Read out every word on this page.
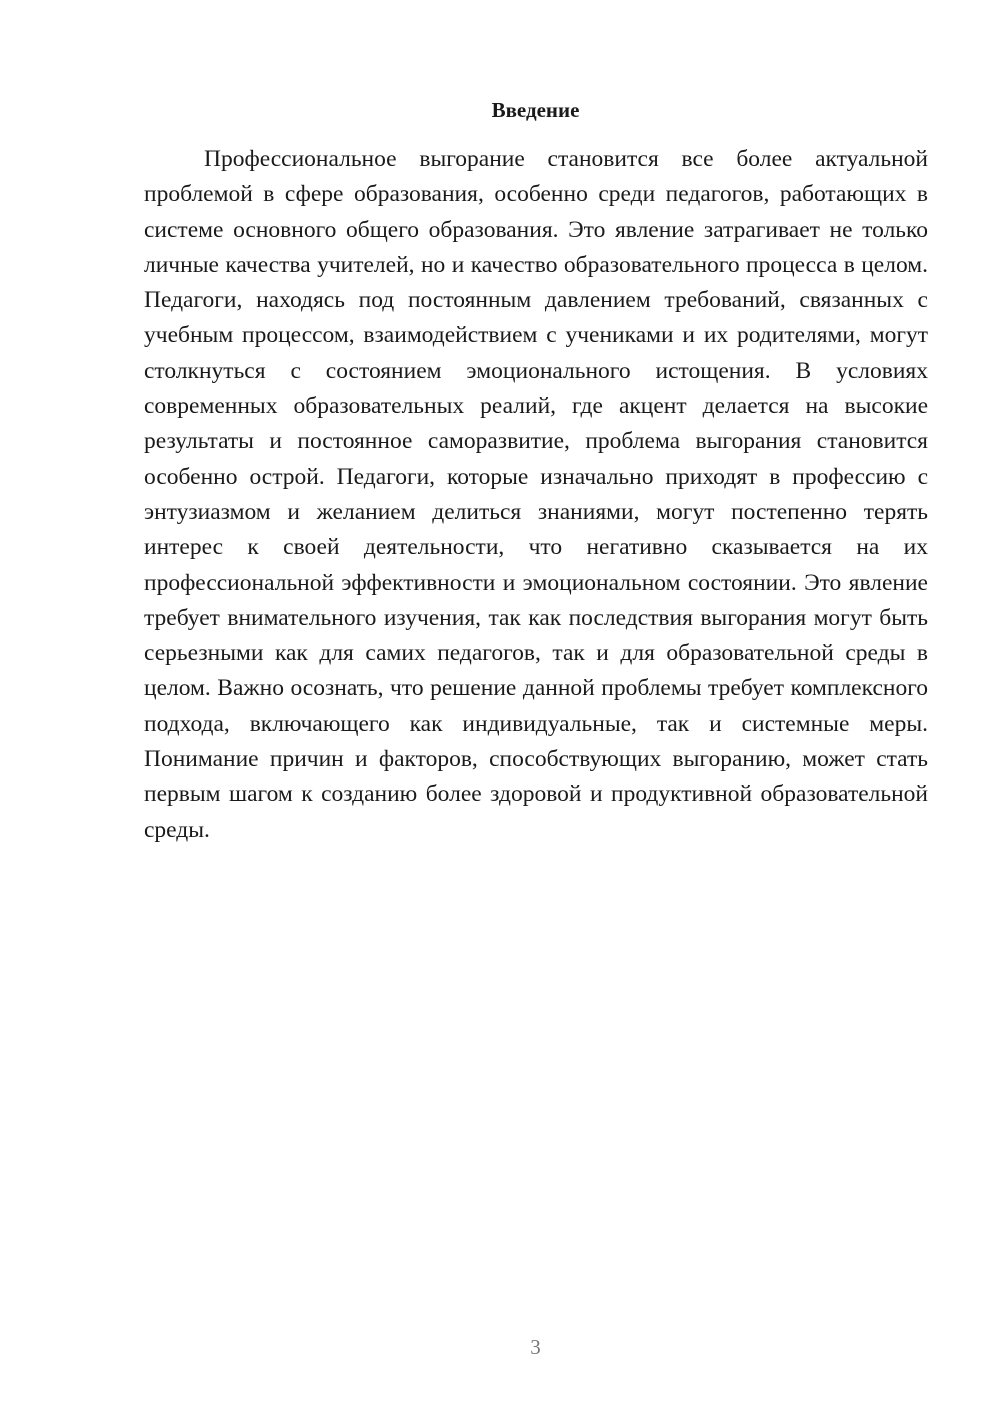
Введение

Профессиональное выгорание становится все более актуальной проблемой в сфере образования, особенно среди педагогов, работающих в системе основного общего образования. Это явление затрагивает не только личные качества учителей, но и качество образовательного процесса в целом. Педагоги, находясь под постоянным давлением требований, связанных с учебным процессом, взаимодействием с учениками и их родителями, могут столкнуться с состоянием эмоционального истощения. В условиях современных образовательных реалий, где акцент делается на высокие результаты и постоянное саморазвитие, проблема выгорания становится особенно острой. Педагоги, которые изначально приходят в профессию с энтузиазмом и желанием делиться знаниями, могут постепенно терять интерес к своей деятельности, что негативно сказывается на их профессиональной эффективности и эмоциональном состоянии. Это явление требует внимательного изучения, так как последствия выгорания могут быть серьезными как для самих педагогов, так и для образовательной среды в целом. Важно осознать, что решение данной проблемы требует комплексного подхода, включающего как индивидуальные, так и системные меры. Понимание причин и факторов, способствующих выгоранию, может стать первым шагом к созданию более здоровой и продуктивной образовательной среды.

3
